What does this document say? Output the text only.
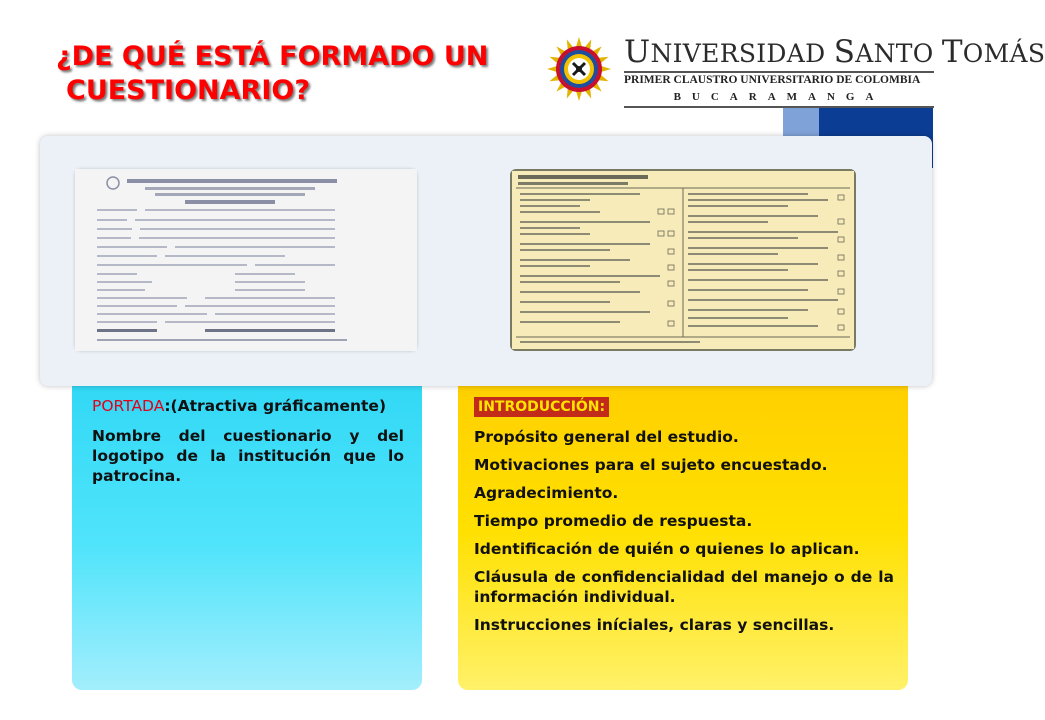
¿DE QUÉ ESTÁ FORMADO UN
CUESTIONARIO?
UNIVERSIDAD SANTO TOMÁS
PRIMER CLAUSTRO UNIVERSITARIO DE COLOMBIA
BUCARAMANGA

PORTADA:(Atractiva gráficamente)

Nombre del cuestionario y del logotipo de la institución que lo patrocina.

INTRODUCCIÓN:
Propósito general del estudio.
Motivaciones para el sujeto encuestado.
Agradecimiento.
Tiempo promedio de respuesta.
Identificación de quién o quienes lo aplican.
Cláusula de confidencialidad del manejo o de la información individual.
Instrucciones iníciales, claras y sencillas.
